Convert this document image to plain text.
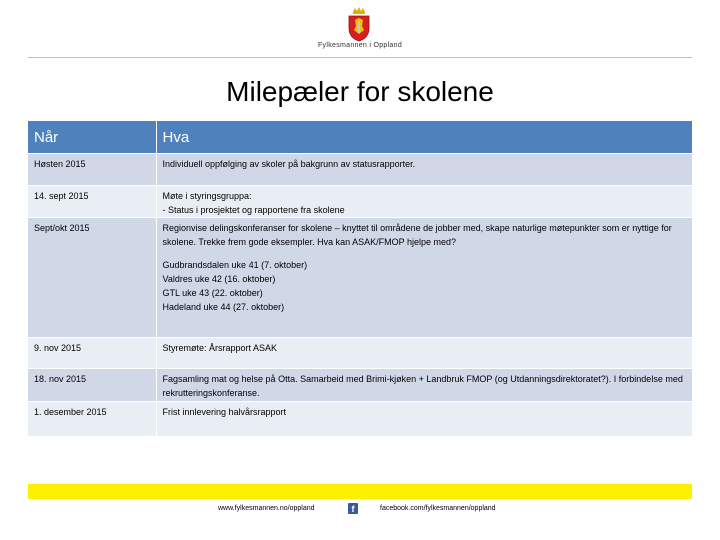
Fylkesmannen i Oppland
Milepæler for skolene
Når	Hva
Høsten 2015	Individuell oppfølging av skoler på bakgrunn av statusrapporter.

14. sept 2015	Møte i styringsgruppa:
- Status i prosjektet og rapportene fra skolene

Sept/okt 2015	Regionvise delingskonferanser for skolene – knyttet til områdene de jobber med, skape naturlige møtepunkter som er nyttige for skolene. Trekke frem gode eksempler. Hva kan ASAK/FMOP hjelpe med?
Gudbrandsdalen uke 41 (7. oktober)
Valdres uke 42 (16. oktober)
GTL uke 43 (22. oktober)
Hadeland uke 44 (27. oktober)

9. nov 2015	Styremøte: Årsrapport ASAK

18. nov 2015	Fagsamling mat og helse på Otta. Samarbeid med Brimi-kjøken + Landbruk FMOP (og Utdanningsdirektoratet?). I forbindelse med rekrutteringskonferanse.

1. desember 2015	Frist innlevering halvårsrapport
www.fylkesmannen.no/oppland	f	facebook.com/fylkesmannen/oppland
